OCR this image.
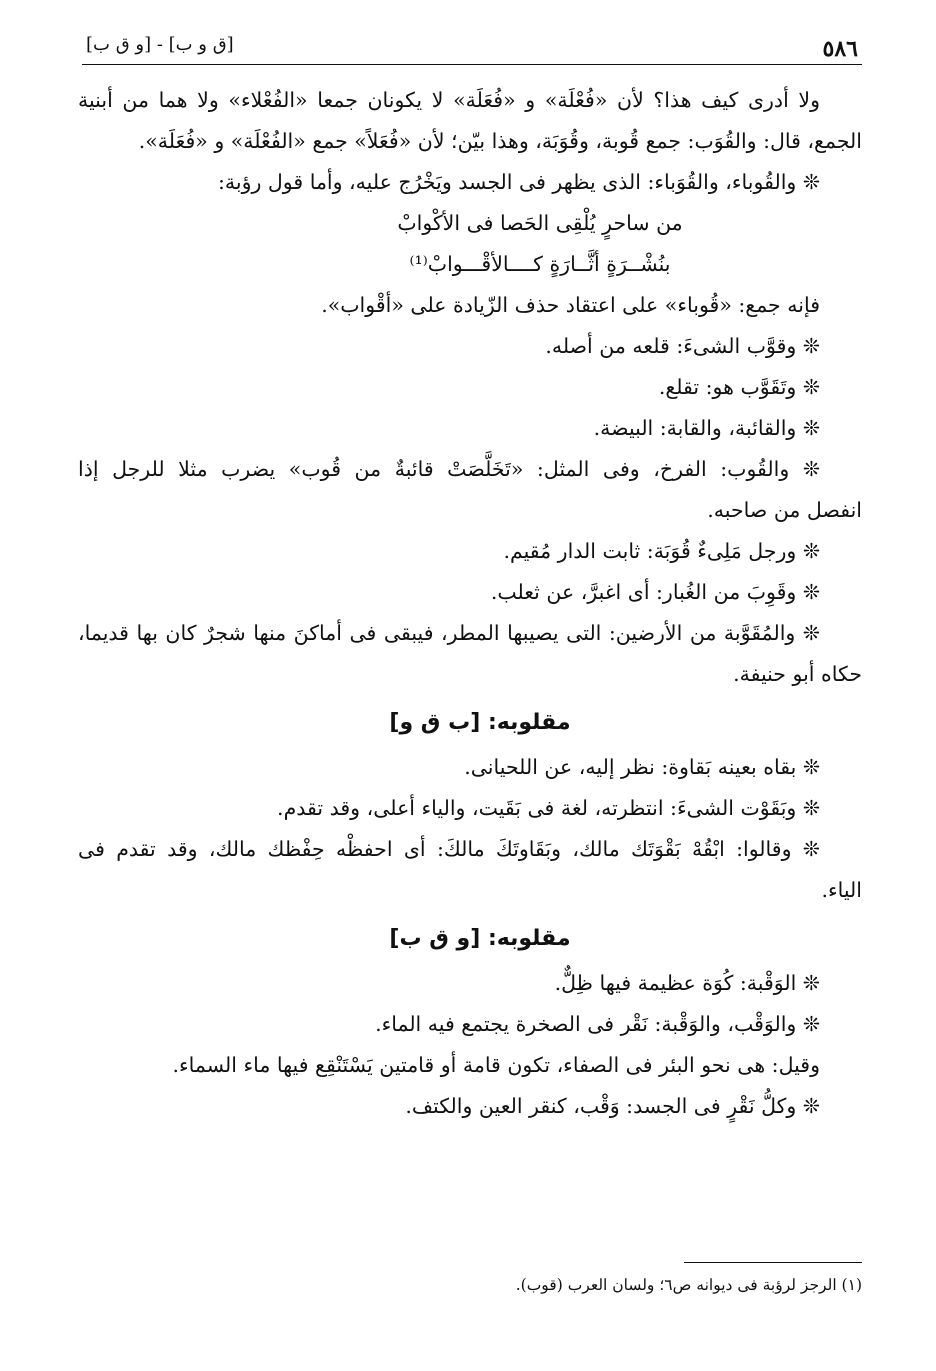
٥٨٦
[ق و ب] - [و ق ب]
ولا أدرى كيف هذا؟ لأن «فُعْلَة» و «فُعَلَة» لا يكونان جمعا «الفُعْلاء» ولا هما من أبنية
الجمع، قال: والقُوَب: جمع قُوبة، وقُوَبَة، وهذا بيّن؛ لأن «فُعَلاً» جمع «الفُعْلَة» و «فُعَلَة».
❊ والقُوباء، والقُوَباء: الذى يظهر فى الجسد ويَخْرُج عليه، وأما قول رؤبة:
من ساحرٍ يُلْقِى الحَصا فى الأكْوابْ
بنُشْــرَةٍ أثَّــارَةٍ كــــالأقْـــوابْ⁽¹⁾
فإنه جمع: «قُوباء» على اعتقاد حذف الزّيادة على «أقْواب».
❊ وقوَّب الشىءَ: قلعه من أصله.
❊ وتَقَوَّب هو: تقلع.
❊ والقائبة، والقابة: البيضة.
❊ والقُوب: الفرخ، وفى المثل: «تَخَلَّصَتْ قائبةٌ من قُوب» يضرب مثلا للرجل إذا
انفصل من صاحبه.
❊ ورجل مَلِىءٌ قُوَبَة: ثابت الدار مُقيم.
❊ وقَوِبَ من الغُبار: أى اغبرَّ، عن ثعلب.
❊ والمُقَوَّبة من الأرضين: التى يصيبها المطر، فيبقى فى أماكنَ منها شجرٌ كان بها قديما،
حكاه أبو حنيفة.
مقلوبه: [ب ق و]
❊ بقاه بعينه بَقاوة: نظر إليه، عن اللحيانى.
❊ وبَقَوْت الشىءَ: انتظرته، لغة فى بَقَيت، والياء أعلى، وقد تقدم.
❊ وقالوا: ابْقُهْ بَقْوَتَك مالك، وبَقَاوتَكَ مالكَ: أى احفظْه حِفْظك مالك، وقد تقدم فى
الياء.
مقلوبه: [و ق ب]
❊ الوَقْبة: كُوَة عظيمة فيها ظِلٌّ.
❊ والوَقْب، والوَقْبة: نَقْر فى الصخرة يجتمع فيه الماء.
وقيل: هى نحو البئر فى الصفاء، تكون قامة أو قامتين يَسْتَنْقِع فيها ماء السماء.
❊ وكلُّ نَقْرٍ فى الجسد: وَقْب، كنقر العين والكتف.
(١) الرجز لرؤبة فى ديوانه ص٦؛ ولسان العرب (قوب).
